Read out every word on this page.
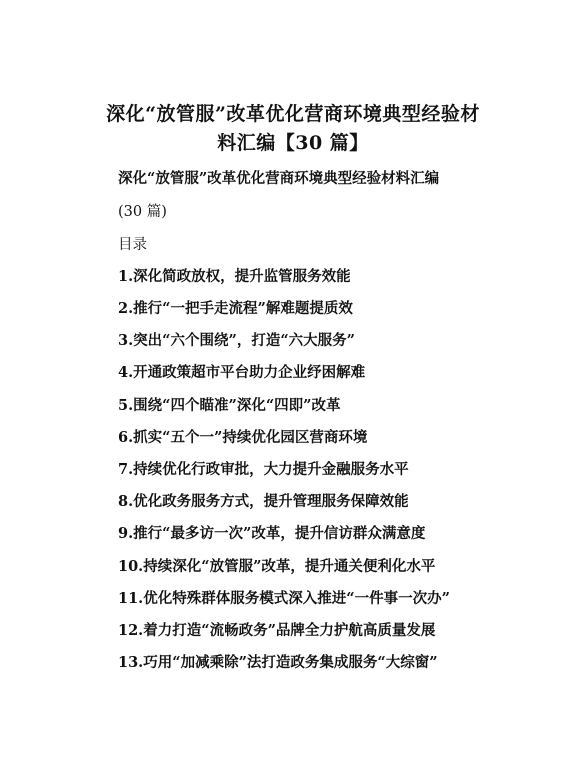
深化“放管服”改革优化营商环境典型经验材
料汇编【30 篇】
深化“放管服”改革优化营商环境典型经验材料汇编
(30 篇)
目录
1.深化简政放权，提升监管服务效能
2.推行“一把手走流程”解难题提质效
3.突出“六个围绕”，打造“六大服务”
4.开通政策超市平台助力企业纾困解难
5.围绕“四个瞄准”深化“四即”改革
6.抓实“五个一”持续优化园区营商环境
7.持续优化行政审批，大力提升金融服务水平
8.优化政务服务方式，提升管理服务保障效能
9.推行“最多访一次”改革，提升信访群众满意度
10.持续深化“放管服”改革，提升通关便利化水平
11.优化特殊群体服务模式深入推进“一件事一次办”
12.着力打造“流畅政务”品牌全力护航高质量发展
13.巧用“加减乘除”法打造政务集成服务“大综窗”
